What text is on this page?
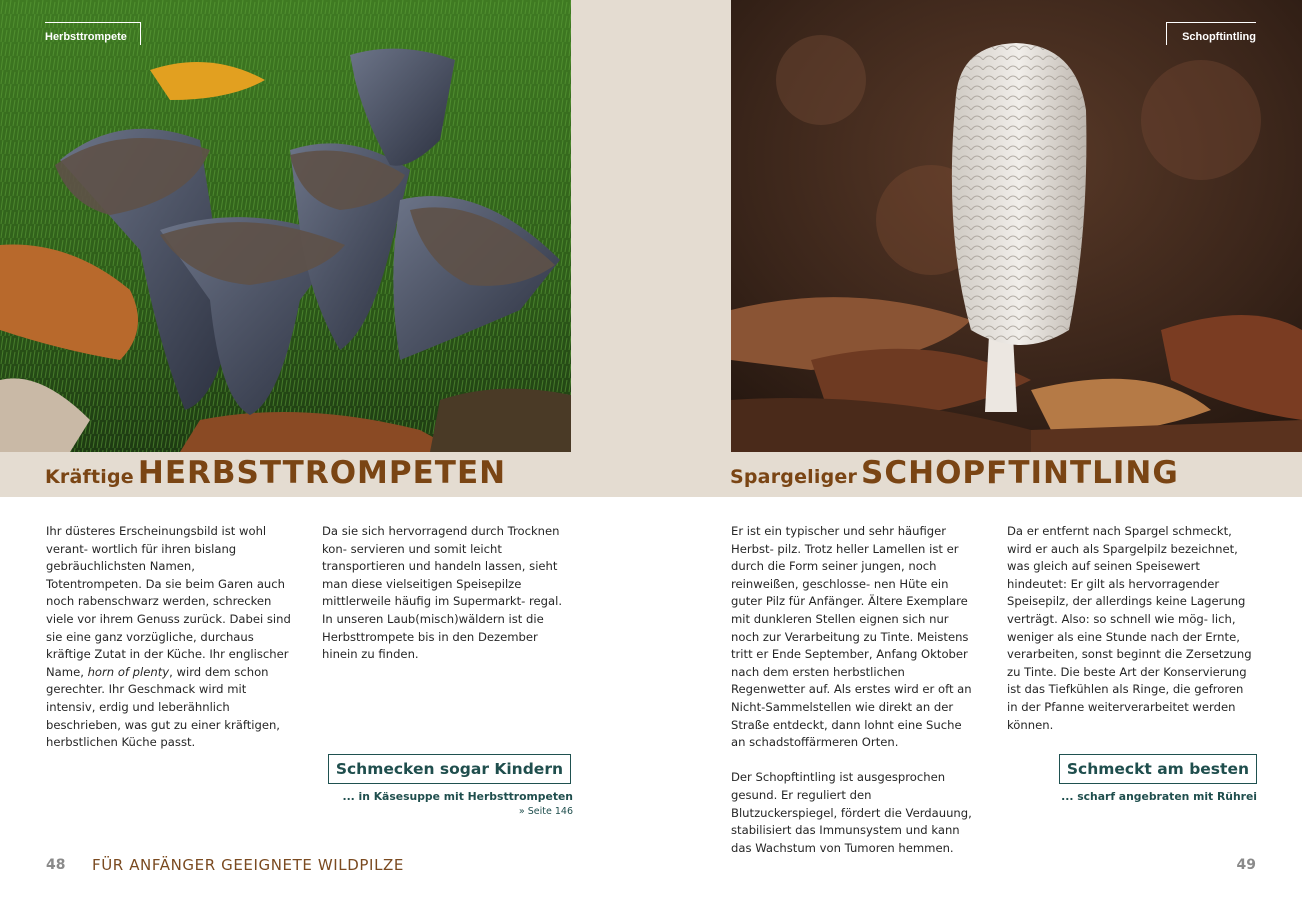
Herbsttrompete	Schopftintling
Kräftige HERBSTTROMPETEN	Spargeliger SCHOPFTINTLING

Ihr düsteres Erscheinungsbild ist wohl verant- wortlich für ihren bislang gebräuchlichsten Namen, Totentrompeten. Da sie beim Garen auch noch rabenschwarz werden, schrecken viele vor ihrem Genuss zurück. Dabei sind sie eine ganz vorzügliche, durchaus kräftige Zutat in der Küche. Ihr englischer Name, horn of plenty, wird dem schon gerechter. Ihr Geschmack wird mit intensiv, erdig und leberähnlich beschrieben, was gut zu einer kräftigen, herbstlichen Küche passt.

Da sie sich hervorragend durch Trocknen kon- servieren und somit leicht transportieren und handeln lassen, sieht man diese vielseitigen Speisepilze mittlerweile häufig im Supermarkt- regal. In unseren Laub(misch)wäldern ist die Herbsttrompete bis in den Dezember hinein zu finden.

Er ist ein typischer und sehr häufiger Herbst- pilz. Trotz heller Lamellen ist er durch die Form seiner jungen, noch reinweißen, geschlosse- nen Hüte ein guter Pilz für Anfänger. Ältere Exemplare mit dunkleren Stellen eignen sich nur noch zur Verarbeitung zu Tinte. Meistens tritt er Ende September, Anfang Oktober nach dem ersten herbstlichen Regenwetter auf. Als erstes wird er oft an Nicht-Sammelstellen wie direkt an der Straße entdeckt, dann lohnt eine Suche an schadstoffärmeren Orten.

Der Schopftintling ist ausgesprochen gesund. Er reguliert den Blutzuckerspiegel, fördert die Verdauung, stabilisiert das Immunsystem und kann das Wachstum von Tumoren hemmen.

Da er entfernt nach Spargel schmeckt, wird er auch als Spargelpilz bezeichnet, was gleich auf seinen Speisewert hindeutet: Er gilt als hervorragender Speisepilz, der allerdings keine Lagerung verträgt. Also: so schnell wie mög- lich, weniger als eine Stunde nach der Ernte, verarbeiten, sonst beginnt die Zersetzung zu Tinte. Die beste Art der Konservierung ist das Tiefkühlen als Ringe, die gefroren in der Pfanne weiterverarbeitet werden können.

Schmecken sogar Kindern
... in Käsesuppe mit Herbsttrompeten
» Seite 146
Schmeckt am besten
... scharf angebraten mit Rührei
48 FÜR ANFÄNGER GEEIGNETE WILDPILZE	49
